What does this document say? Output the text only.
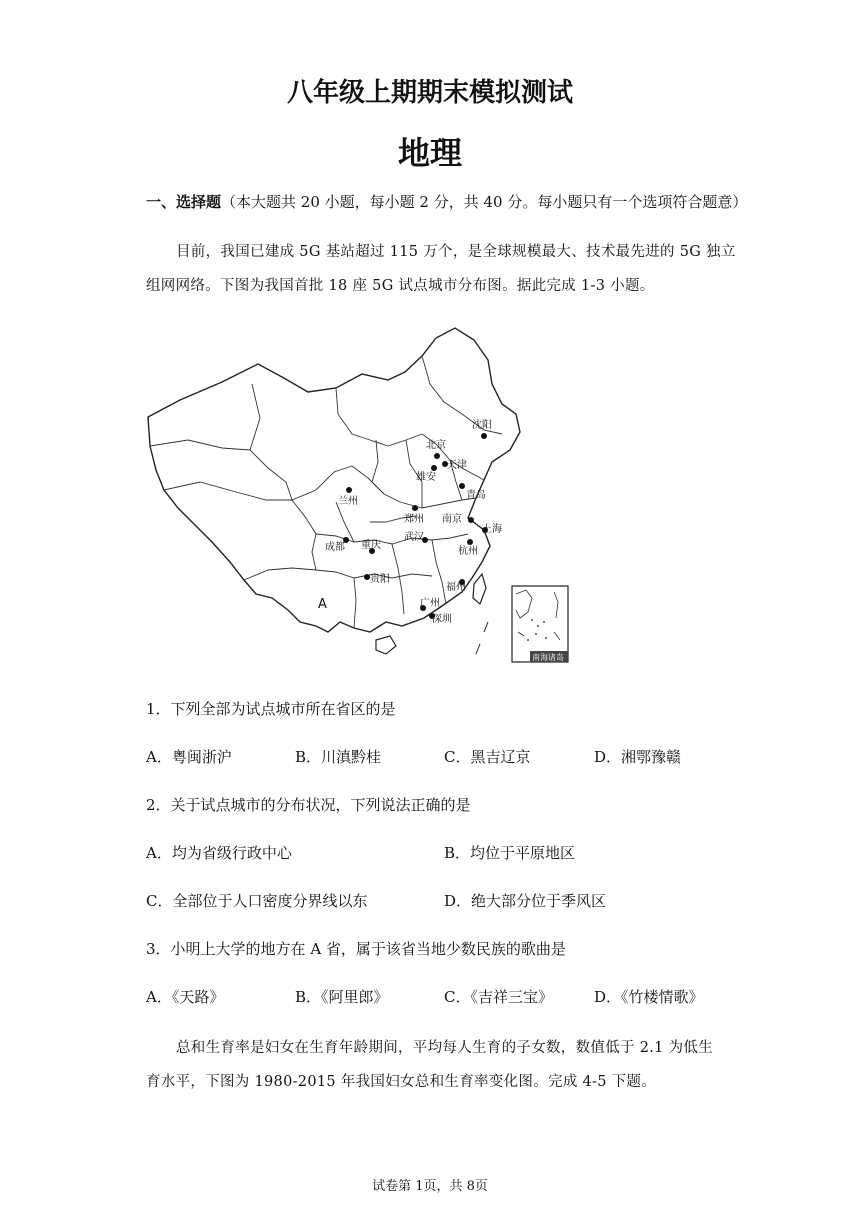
八年级上期期末模拟测试
地理
一、选择题（本大题共 20 小题，每小题 2 分，共 40 分。每小题只有一个选项符合题意）
目前，我国已建成 5G 基站超过 115 万个，是全球规模最大、技术最先进的 5G 独立
组网网络。下图为我国首批 18 座 5G 试点城市分布图。据此完成 1-3 小题。
A
沈阳
北京
天津
雄安
青岛
兰州
郑州 南京
上海
成都 重庆
武汉
杭州
贵阳
福州
广州
深圳
南海诸岛
1．下列全部为试点城市所在省区的是
A．粤闽浙沪	B．川滇黔桂	C．黑吉辽京	D．湘鄂豫赣
2．关于试点城市的分布状况，下列说法正确的是
A．均为省级行政中心	B．均位于平原地区
C．全部位于人口密度分界线以东	D．绝大部分位于季风区
3．小明上大学的地方在 A 省，属于该省当地少数民族的歌曲是
A．《天路》	B．《阿里郎》	C．《吉祥三宝》	D．《竹楼情歌》
总和生育率是妇女在生育年龄期间，平均每人生育的子女数，数值低于 2.1 为低生
育水平，下图为 1980-2015 年我国妇女总和生育率变化图。完成 4-5 下题。
试卷第 1页，共 8页
